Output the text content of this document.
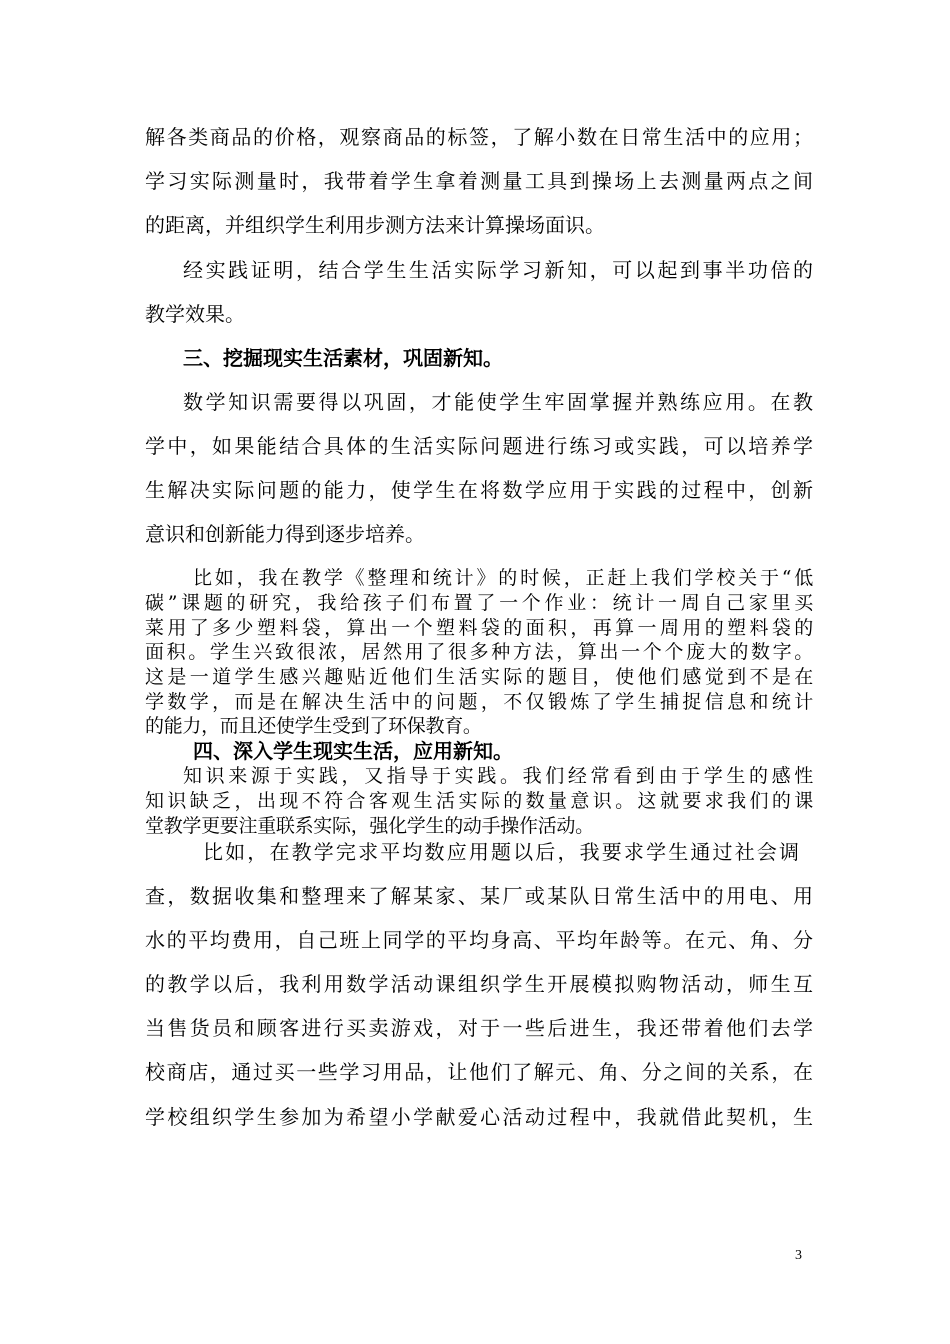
解各类商品的价格，观察商品的标签，了解小数在日常生活中的应用；
学习实际测量时，我带着学生拿着测量工具到操场上去测量两点之间
的距离，并组织学生利用步测方法来计算操场面识。
经实践证明，结合学生生活实际学习新知，可以起到事半功倍的
教学效果。
三、挖掘现实生活素材，巩固新知。
数学知识需要得以巩固，才能使学生牢固掌握并熟练应用。在教
学中，如果能结合具体的生活实际问题进行练习或实践，可以培养学
生解决实际问题的能力，使学生在将数学应用于实践的过程中，创新
意识和创新能力得到逐步培养。
比如，我在教学《整理和统计》的时候，正赶上我们学校关于“低
碳”课题的研究，我给孩子们布置了一个作业：统计一周自己家里买
菜用了多少塑料袋，算出一个塑料袋的面积，再算一周用的塑料袋的
面积。学生兴致很浓，居然用了很多种方法，算出一个个庞大的数字。
这是一道学生感兴趣贴近他们生活实际的题目，使他们感觉到不是在
学数学，而是在解决生活中的问题，不仅锻炼了学生捕捉信息和统计
的能力，而且还使学生受到了环保教育。
四、深入学生现实生活，应用新知。
知识来源于实践，又指导于实践。我们经常看到由于学生的感性
知识缺乏，出现不符合客观生活实际的数量意识。这就要求我们的课
堂教学更要注重联系实际，强化学生的动手操作活动。
比如，在教学完求平均数应用题以后，我要求学生通过社会调
查，数据收集和整理来了解某家、某厂或某队日常生活中的用电、用
水的平均费用，自己班上同学的平均身高、平均年龄等。在元、角、分
的教学以后，我利用数学活动课组织学生开展模拟购物活动，师生互
当售货员和顾客进行买卖游戏，对于一些后进生，我还带着他们去学
校商店，通过买一些学习用品，让他们了解元、角、分之间的关系，在
学校组织学生参加为希望小学献爱心活动过程中，我就借此契机，生
3
